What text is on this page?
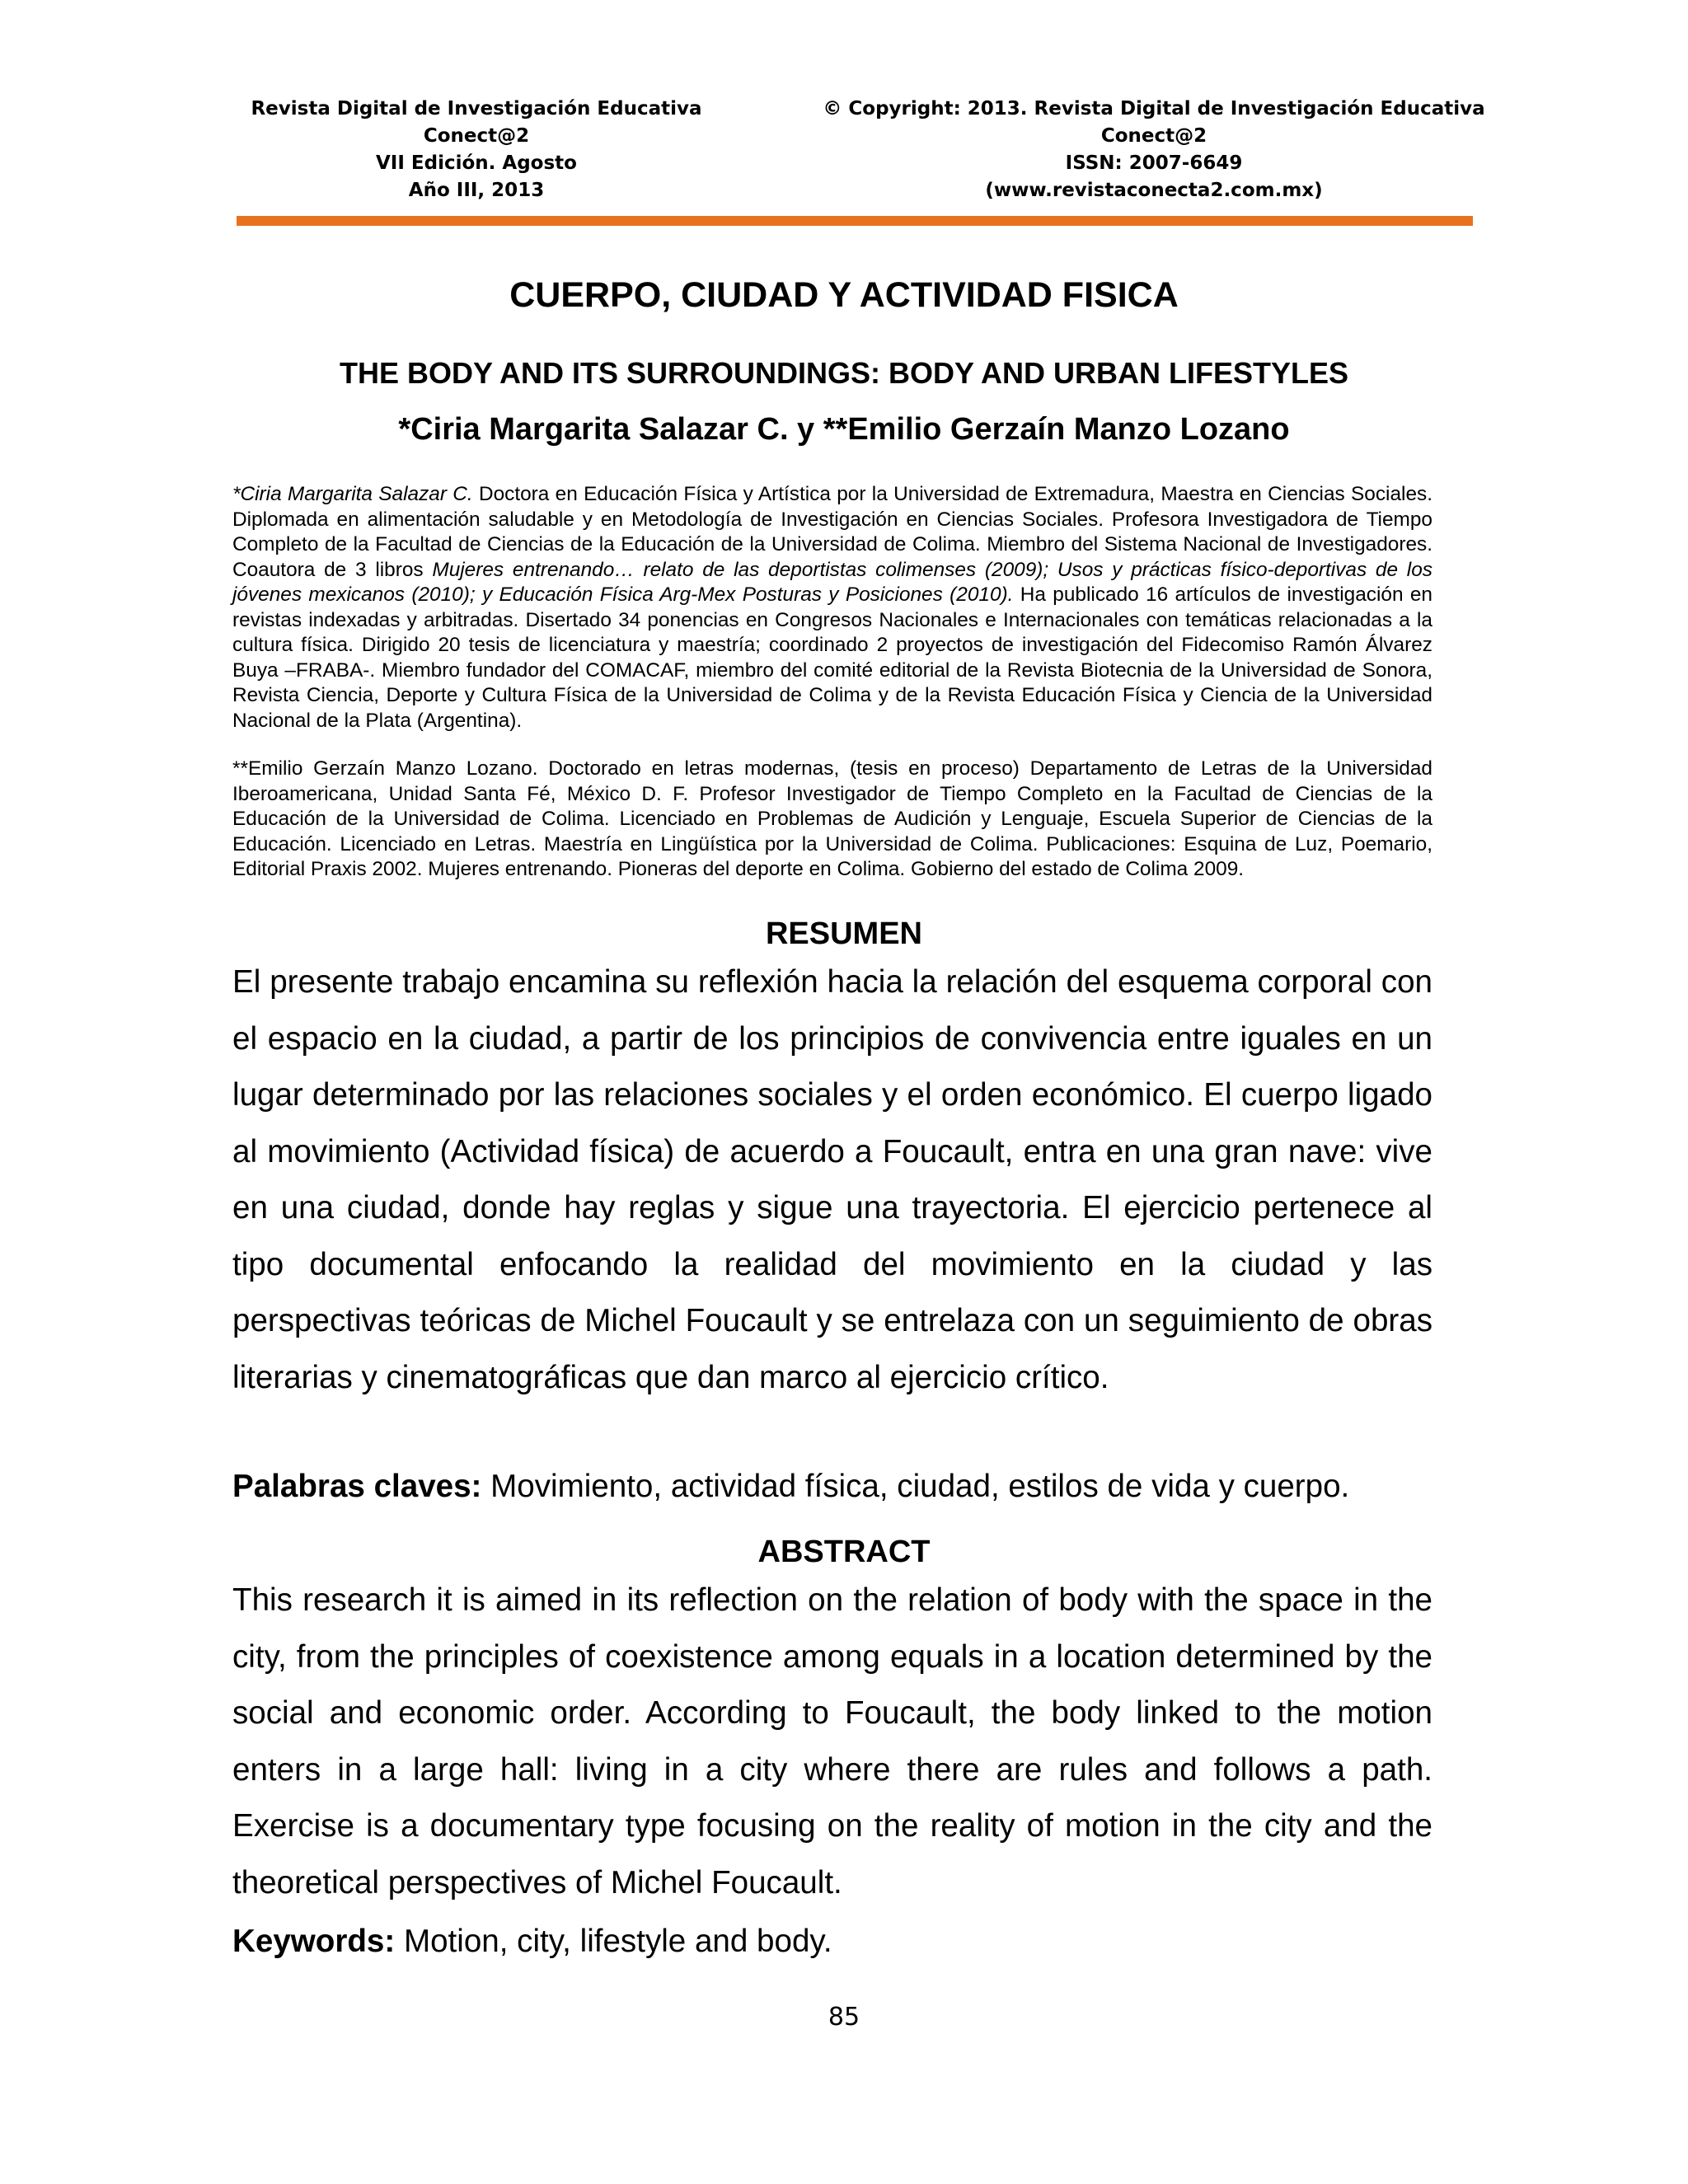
Revista Digital de Investigación Educativa
Conect@2
VII Edición. Agosto
Año III, 2013
© Copyright: 2013. Revista Digital de Investigación Educativa
Conect@2
ISSN: 2007-6649
(www.revistaconecta2.com.mx)
CUERPO, CIUDAD Y ACTIVIDAD FISICA
THE BODY AND ITS SURROUNDINGS: BODY AND URBAN LIFESTYLES
*Ciria Margarita Salazar C. y **Emilio Gerzaín Manzo Lozano
*Ciria Margarita Salazar C. Doctora en Educación Física y Artística por la Universidad de Extremadura, Maestra en Ciencias Sociales. Diplomada en alimentación saludable y en Metodología de Investigación en Ciencias Sociales. Profesora Investigadora de Tiempo Completo de la Facultad de Ciencias de la Educación de la Universidad de Colima. Miembro del Sistema Nacional de Investigadores. Coautora de 3 libros Mujeres entrenando… relato de las deportistas colimenses (2009); Usos y prácticas físico-deportivas de los jóvenes mexicanos (2010); y Educación Física Arg-Mex Posturas y Posiciones (2010). Ha publicado 16 artículos de investigación en revistas indexadas y arbitradas. Disertado 34 ponencias en Congresos Nacionales e Internacionales con temáticas relacionadas a la cultura física. Dirigido 20 tesis de licenciatura y maestría; coordinado 2 proyectos de investigación del Fidecomiso Ramón Álvarez Buya –FRABA-. Miembro fundador del COMACAF, miembro del comité editorial de la Revista Biotecnia de la Universidad de Sonora, Revista Ciencia, Deporte y Cultura Física de la Universidad de Colima y de la Revista Educación Física y Ciencia de la Universidad Nacional de la Plata (Argentina).
**Emilio Gerzaín Manzo Lozano. Doctorado en letras modernas, (tesis en proceso) Departamento de Letras de la Universidad Iberoamericana, Unidad Santa Fé, México D. F. Profesor Investigador de Tiempo Completo en la Facultad de Ciencias de la Educación de la Universidad de Colima. Licenciado en Problemas de Audición y Lenguaje, Escuela Superior de Ciencias de la Educación. Licenciado en Letras. Maestría en Lingüística por la Universidad de Colima. Publicaciones: Esquina de Luz, Poemario, Editorial Praxis 2002. Mujeres entrenando. Pioneras del deporte en Colima. Gobierno del estado de Colima 2009.
RESUMEN
El presente trabajo encamina su reflexión hacia la relación del esquema corporal con el espacio en la ciudad, a partir de los principios de convivencia entre iguales en un lugar determinado por las relaciones sociales y el orden económico. El cuerpo ligado al movimiento (Actividad física) de acuerdo a Foucault, entra en una gran nave: vive en una ciudad, donde hay reglas y sigue una trayectoria. El ejercicio pertenece al tipo documental enfocando la realidad del movimiento en la ciudad y las perspectivas teóricas de Michel Foucault y se entrelaza con un seguimiento de obras literarias y cinematográficas que dan marco al ejercicio crítico.
Palabras claves: Movimiento, actividad física, ciudad, estilos de vida y cuerpo.
ABSTRACT
This research it is aimed in its reflection on the relation of body with the space in the city, from the principles of coexistence among equals in a location determined by the social and economic order. According to Foucault, the body linked to the motion enters in a large hall: living in a city where there are rules and follows a path. Exercise is a documentary type focusing on the reality of motion in the city and the theoretical perspectives of Michel Foucault.
Keywords: Motion, city, lifestyle and body.
85
